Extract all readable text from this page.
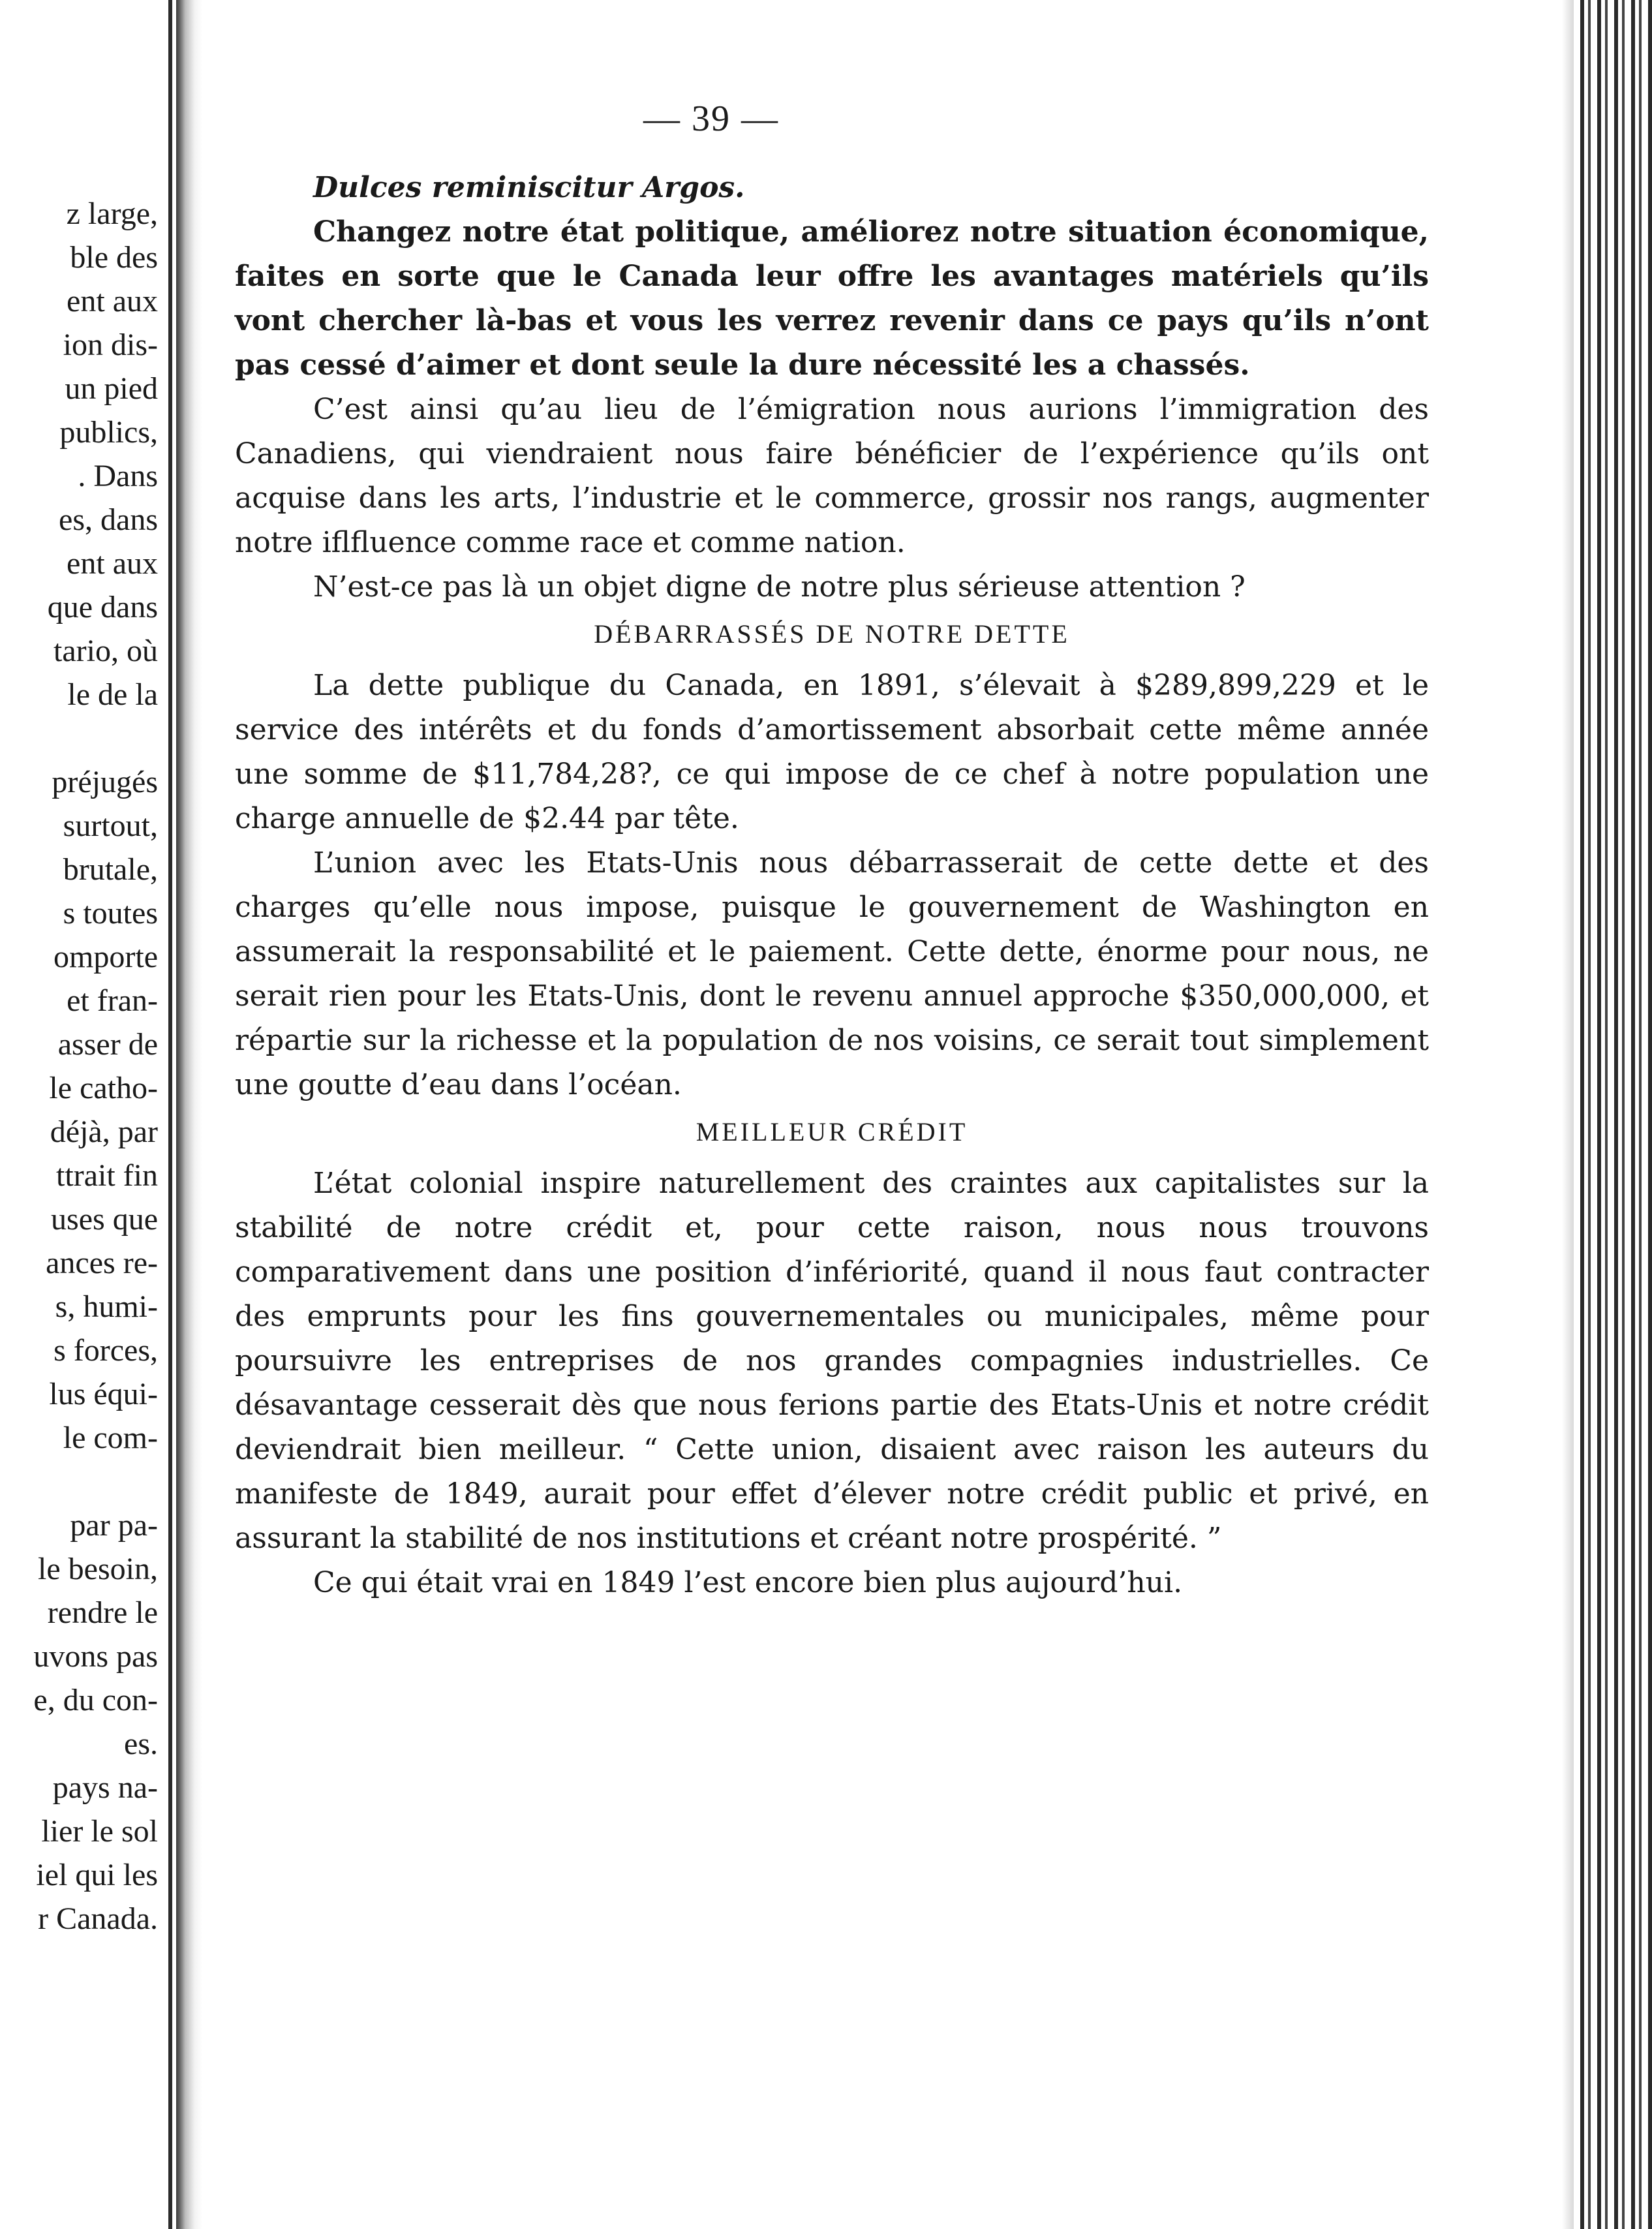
z large,
ble des
ent aux
ion dis-
un pied
publics,
. Dans
es, dans
ent aux
que dans
tario, où
le de la
préjugés
surtout,
brutale,
s toutes
omporte
et fran-
asser de
le catho-
déjà, par
ttrait fin
uses que
ances re-
s, humi-
s forces,
lus équi-
le com-
par pa-
le besoin,
rendre le
uvons pas
e, du con-
es.
pays na-
lier le sol
iel qui les
r Canada.
— 39 —

Dulces reminiscitur Argos.

Changez notre état politique, améliorez notre situation économique, faites en sorte que le Canada leur offre les avantages matériels qu’ils vont chercher là-bas et vous les verrez revenir dans ce pays qu’ils n’ont pas cessé d’aimer et dont seule la dure nécessité les a chassés.

C’est ainsi qu’au lieu de l’émigration nous aurions l’immigration des Canadiens, qui viendraient nous faire bénéficier de l’expérience qu’ils ont acquise dans les arts, l’industrie et le commerce, grossir nos rangs, augmenter notre iflfluence comme race et comme nation.

N’est-ce pas là un objet digne de notre plus sérieuse attention ?

DÉBARRASSÉS DE NOTRE DETTE

La dette publique du Canada, en 1891, s’élevait à $289,899,229 et le service des intérêts et du fonds d’amortissement absorbait cette même année une somme de $11,784,28?, ce qui impose de ce chef à notre population une charge annuelle de $2.44 par tête.

L’union avec les Etats-Unis nous débarrasserait de cette dette et des charges qu’elle nous impose, puisque le gouvernement de Washington en assumerait la responsabilité et le paiement. Cette dette, énorme pour nous, ne serait rien pour les Etats-Unis, dont le revenu annuel approche $350,000,000, et répartie sur la richesse et la population de nos voisins, ce serait tout simplement une goutte d’eau dans l’océan.

MEILLEUR CRÉDIT

L’état colonial inspire naturellement des craintes aux capitalistes sur la stabilité de notre crédit et, pour cette raison, nous nous trouvons comparativement dans une position d’infériorité, quand il nous faut contracter des emprunts pour les fins gouvernementales ou municipales, même pour poursuivre les entreprises de nos grandes compagnies industrielles. Ce désavantage cesserait dès que nous ferions partie des Etats-Unis et notre crédit deviendrait bien meilleur. “ Cette union, disaient avec raison les auteurs du manifeste de 1849, aurait pour effet d’élever notre crédit public et privé, en assurant la stabilité de nos institutions et créant notre prospérité. ”

Ce qui était vrai en 1849 l’est encore bien plus aujourd’hui.
